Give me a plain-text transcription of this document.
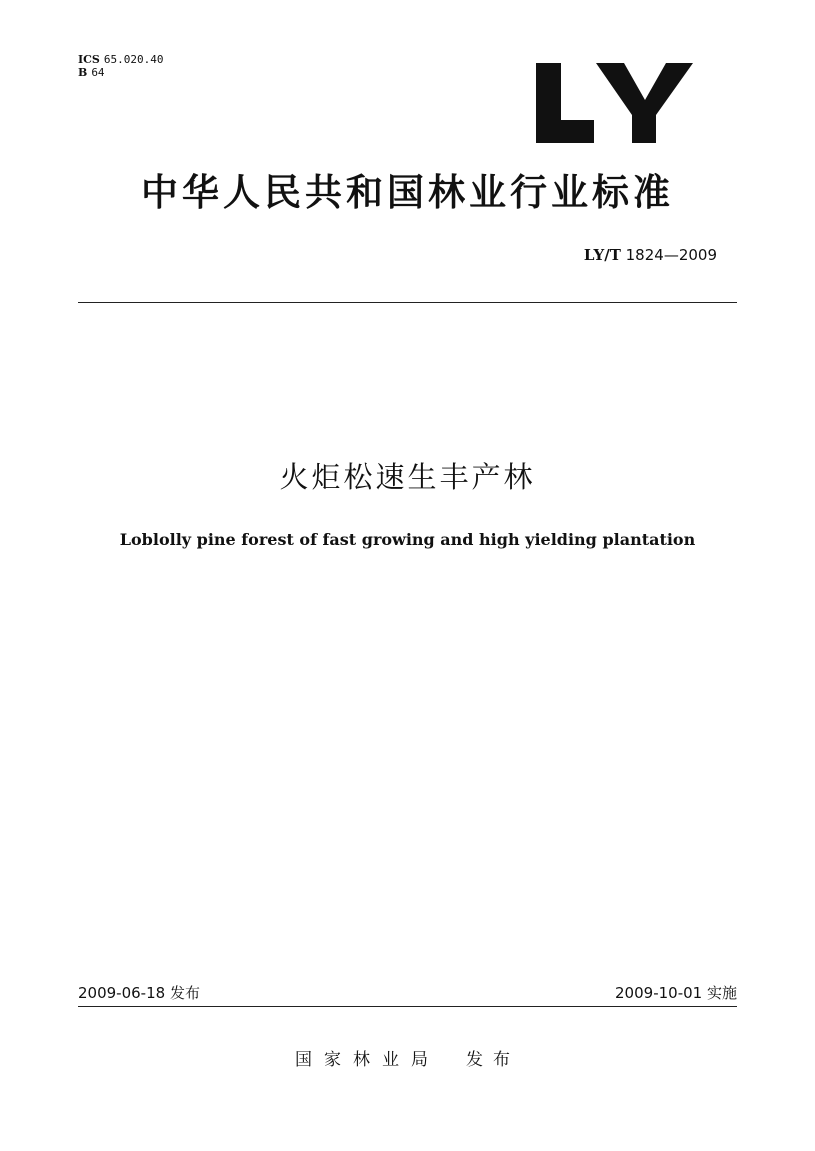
ICS 65.020.40
B 64
中华人民共和国林业行业标准
LY/T 1824—2009
火炬松速生丰产林
Loblolly pine forest of fast growing and high yielding plantation
2009-06-18 发布	2009-10-01 实施
国家林业局 发布
